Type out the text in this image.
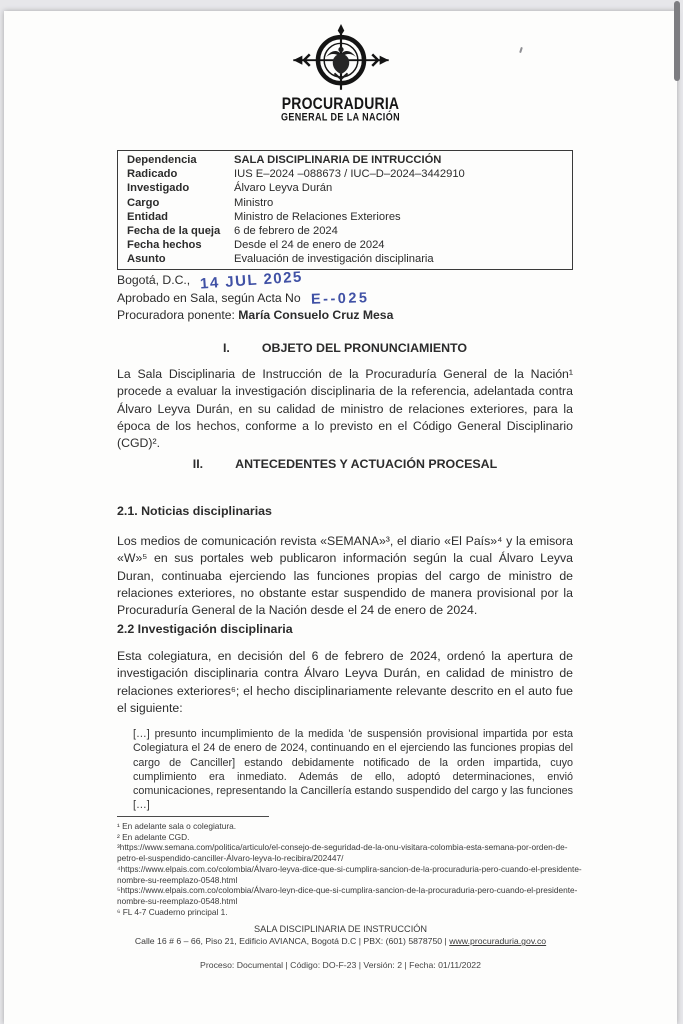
PROCURADURIA
GENERAL DE LA NACIÓN
Dependencia	SALA DISCIPLINARIA DE INTRUCCIÓN
Radicado	IUS E–2024 –088673 / IUC–D–2024–3442910
Investigado	Álvaro Leyva Durán
Cargo	Ministro
Entidad	Ministro de Relaciones Exteriores
Fecha de la queja	6 de febrero de 2024
Fecha hechos	Desde el 24 de enero de 2024
Asunto	Evaluación de investigación disciplinaria
Bogotá, D.C., 14 JUL 2025
Aprobado en Sala, según Acta No E--025
Procuradora ponente: María Consuelo Cruz Mesa
I.	OBJETO DEL PRONUNCIAMIENTO
La Sala Disciplinaria de Instrucción de la Procuraduría General de la Nación¹ procede a evaluar la investigación disciplinaria de la referencia, adelantada contra Álvaro Leyva Durán, en su calidad de ministro de relaciones exteriores, para la época de los hechos, conforme a lo previsto en el Código General Disciplinario (CGD)².
II.	ANTECEDENTES Y ACTUACIÓN PROCESAL
2.1. Noticias disciplinarias
Los medios de comunicación revista «SEMANA»³, el diario «El País»⁴ y la emisora «W»⁵ en sus portales web publicaron información según la cual Álvaro Leyva Duran, continuaba ejerciendo las funciones propias del cargo de ministro de relaciones exteriores, no obstante estar suspendido de manera provisional por la Procuraduría General de la Nación desde el 24 de enero de 2024.
2.2 Investigación disciplinaria
Esta colegiatura, en decisión del 6 de febrero de 2024, ordenó la apertura de investigación disciplinaria contra Álvaro Leyva Durán, en calidad de ministro de relaciones exteriores⁶; el hecho disciplinariamente relevante descrito en el auto fue el siguiente:
[…] presunto incumplimiento de la medida 'de suspensión provisional impartida por esta Colegiatura el 24 de enero de 2024, continuando en el ejerciendo las funciones propias del cargo de Canciller] estando debidamente notificado de la orden impartida, cuyo cumplimiento era inmediato. Además de ello, adoptó determinaciones, envió comunicaciones, representando la Cancillería estando suspendido del cargo y las funciones […]
¹ En adelante sala o colegiatura.
² En adelante CGD.
³https://www.semana.com/politica/articulo/el-consejo-de-seguridad-de-la-onu-visitara-colombia-esta-semana-por-orden-de-petro-el-suspendido-canciller-Álvaro-leyva-lo-recibira/202447/
⁴https://www.elpais.com.co/colombia/Álvaro-leyva-dice-que-si-cumplira-sancion-de-la-procuraduria-pero-cuando-el-presidente-nombre-su-reemplazo-0548.html
⁵https://www.elpais.com.co/colombia/Álvaro-leyn-dice-que-si-cumplira-sancion-de-la-procuraduria-pero-cuando-el-presidente-nombre-su-reemplazo-0548.html
⁶ FL 4-7 Cuaderno principal 1.
SALA DISCIPLINARIA DE INSTRUCCIÓN
Calle 16 # 6 – 66, Piso 21, Edificio AVIANCA, Bogotá D.C | PBX: (601) 5878750 | www.procuraduria.gov.co
Proceso: Documental | Código: DO-F-23 | Versión: 2 | Fecha: 01/11/2022
